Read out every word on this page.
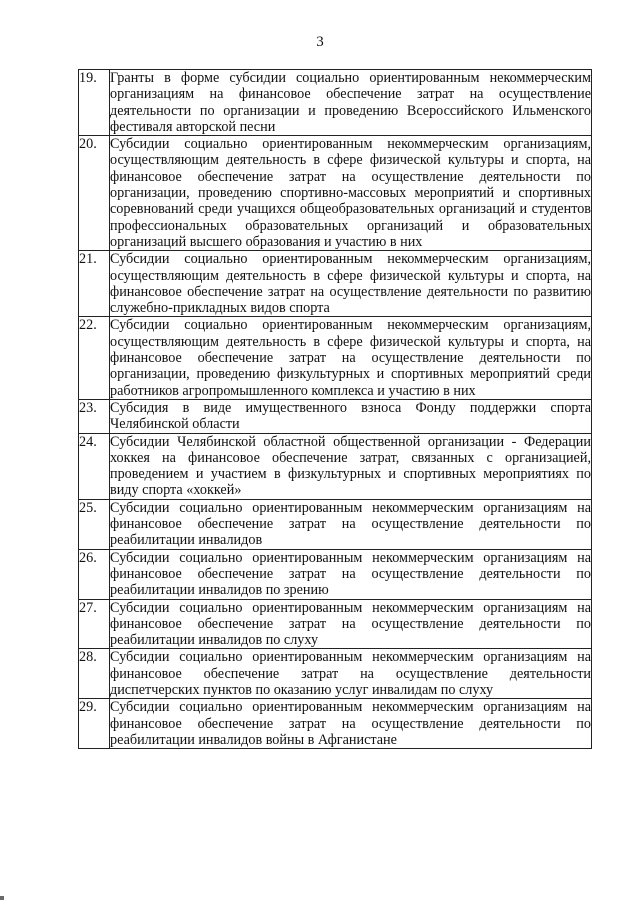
3
19.	Гранты в форме субсидии социально ориентированным некоммерческим организациям на финансовое обеспечение затрат на осуществление деятельности по организации и проведению Всероссийского Ильменского фестиваля авторской песни
20.	Субсидии социально ориентированным некоммерческим организациям, осуществляющим деятельность в сфере физической культуры и спорта, на финансовое обеспечение затрат на осуществление деятельности по организации, проведению спортивно-массовых мероприятий и спортивных соревнований среди учащихся общеобразовательных организаций и студентов профессиональных образовательных организаций и образовательных организаций высшего образования и участию в них
21.	Субсидии социально ориентированным некоммерческим организациям, осуществляющим деятельность в сфере физической культуры и спорта, на финансовое обеспечение затрат на осуществление деятельности по развитию служебно-прикладных видов спорта
22.	Субсидии социально ориентированным некоммерческим организациям, осуществляющим деятельность в сфере физической культуры и спорта, на финансовое обеспечение затрат на осуществление деятельности по организации, проведению физкультурных и спортивных мероприятий среди работников агропромышленного комплекса и участию в них
23.	Субсидия в виде имущественного взноса Фонду поддержки спорта Челябинской области
24.	Субсидии Челябинской областной общественной организации - Федерации хоккея на финансовое обеспечение затрат, связанных с организацией, проведением и участием в физкультурных и спортивных мероприятиях по виду спорта «хоккей»
25.	Субсидии социально ориентированным некоммерческим организациям на финансовое обеспечение затрат на осуществление деятельности по реабилитации инвалидов
26.	Субсидии социально ориентированным некоммерческим организациям на финансовое обеспечение затрат на осуществление деятельности по реабилитации инвалидов по зрению
27.	Субсидии социально ориентированным некоммерческим организациям на финансовое обеспечение затрат на осуществление деятельности по реабилитации инвалидов по слуху
28.	Субсидии социально ориентированным некоммерческим организациям на финансовое обеспечение затрат на осуществление деятельности диспетчерских пунктов по оказанию услуг инвалидам по слуху
29.	Субсидии социально ориентированным некоммерческим организациям на финансовое обеспечение затрат на осуществление деятельности по реабилитации инвалидов войны в Афганистане
